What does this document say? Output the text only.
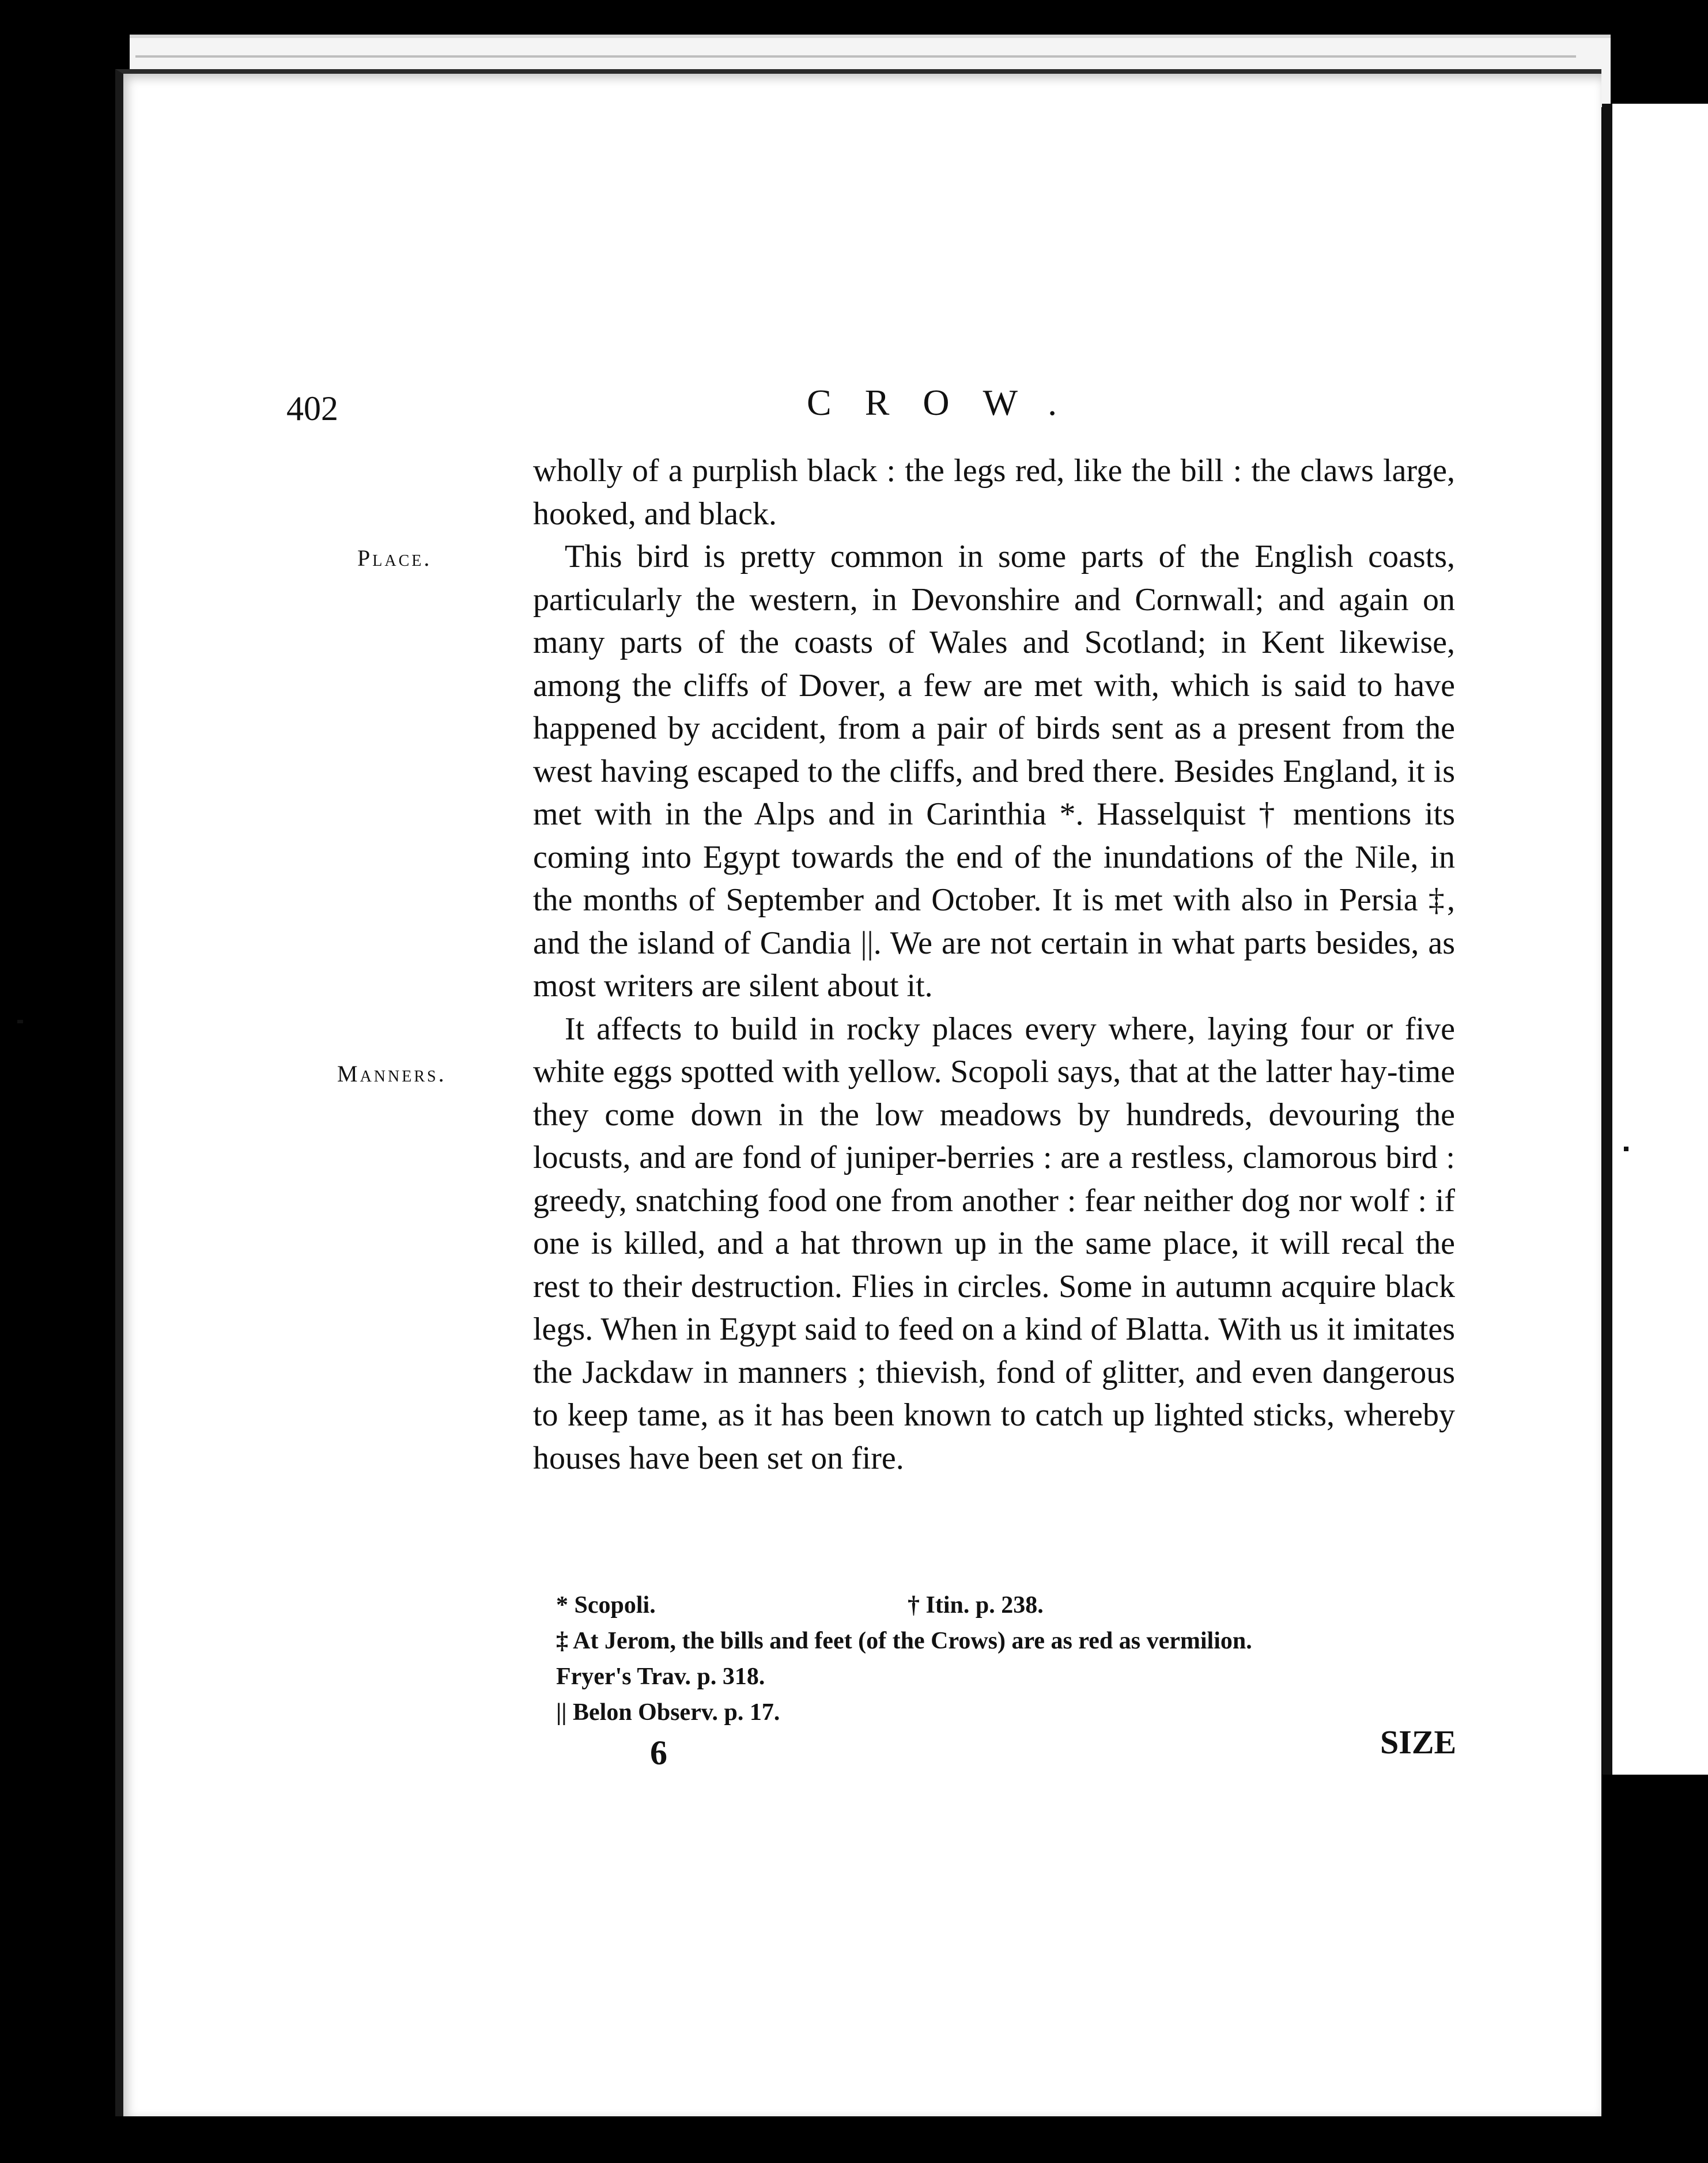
402	CROW.
Place.
Manners.

wholly of a purplish black : the legs red, like the bill : the claws large, hooked, and black.

This bird is pretty common in some parts of the English coasts, particularly the western, in Devonshire and Cornwall; and again on many parts of the coasts of Wales and Scotland; in Kent likewise, among the cliffs of Dover, a few are met with, which is said to have happened by accident, from a pair of birds sent as a present from the west having escaped to the cliffs, and bred there. Besides England, it is met with in the Alps and in Carinthia *. Hasselquist † mentions its coming into Egypt towards the end of the inundations of the Nile, in the months of September and October. It is met with also in Persia ‡, and the island of Candia ||. We are not certain in what parts besides, as most writers are silent about it.

It affects to build in rocky places every where, laying four or five white eggs spotted with yellow. Scopoli says, that at the latter hay-time they come down in the low meadows by hundreds, devouring the locusts, and are fond of juniper-berries : are a restless, clamorous bird : greedy, snatching food one from another : fear neither dog nor wolf : if one is killed, and a hat thrown up in the same place, it will recal the rest to their destruction. Flies in circles. Some in autumn acquire black legs. When in Egypt said to feed on a kind of Blatta. With us it imitates the Jackdaw in manners ; thievish, fond of glitter, and even dangerous to keep tame, as it has been known to catch up lighted sticks, whereby houses have been set on fire.

* Scopoli.	† Itin. p. 238.
‡ At Jerom, the bills and feet (of the Crows) are as red as vermilion.
Fryer's Trav. p. 318.
|| Belon Observ. p. 17.
6	SIZE
